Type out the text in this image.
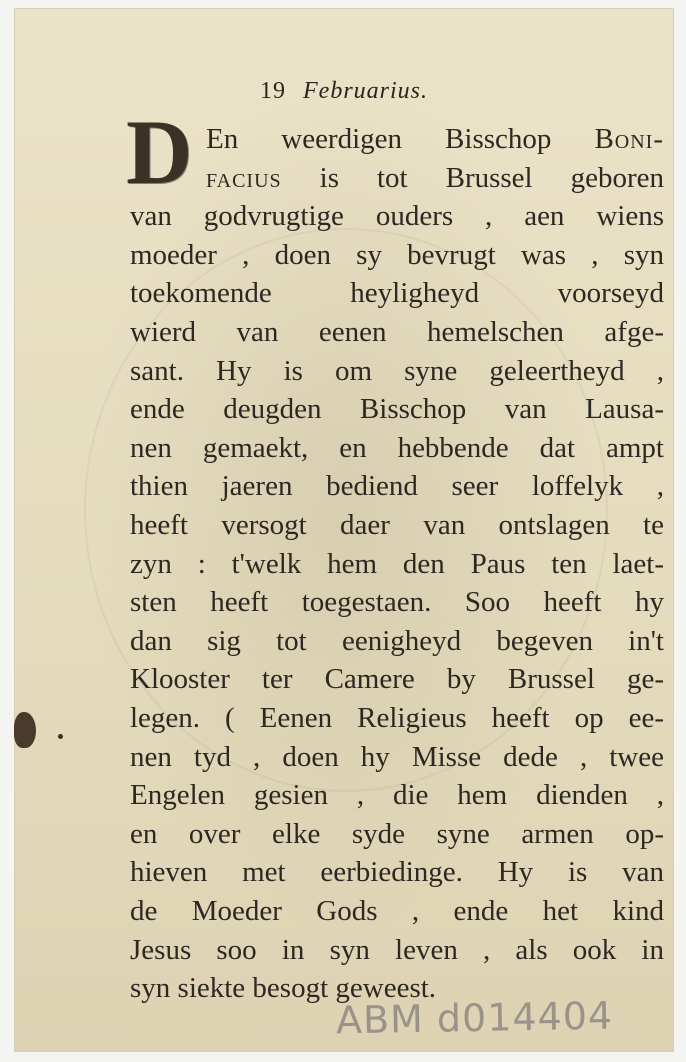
19 Februarius.
D En weerdigen Bisschop Boni-
facius is tot Brussel geboren
van godvrugtige ouders , aen wiens
moeder , doen sy bevrugt was , syn
toekomende heyligheyd voorseyd
wierd van eenen hemelschen afge-
sant. Hy is om syne geleertheyd ,
ende deugden Bisschop van Lausa-
nen gemaekt, en hebbende dat ampt
thien jaeren bediend seer loffelyk ,
heeft versogt daer van ontslagen te
zyn : t'welk hem den Paus ten laet-
sten heeft toegestaen. Soo heeft hy
dan sig tot eenigheyd begeven in't
Klooster ter Camere by Brussel ge-
legen. ( Eenen Religieus heeft op ee-
nen tyd , doen hy Misse dede , twee
Engelen gesien , die hem dienden ,
en over elke syde syne armen op-
hieven met eerbiedinge. Hy is van
de Moeder Gods , ende het kind
Jesus soo in syn leven , als ook in
syn siekte besogt geweest.
ABM d014404
